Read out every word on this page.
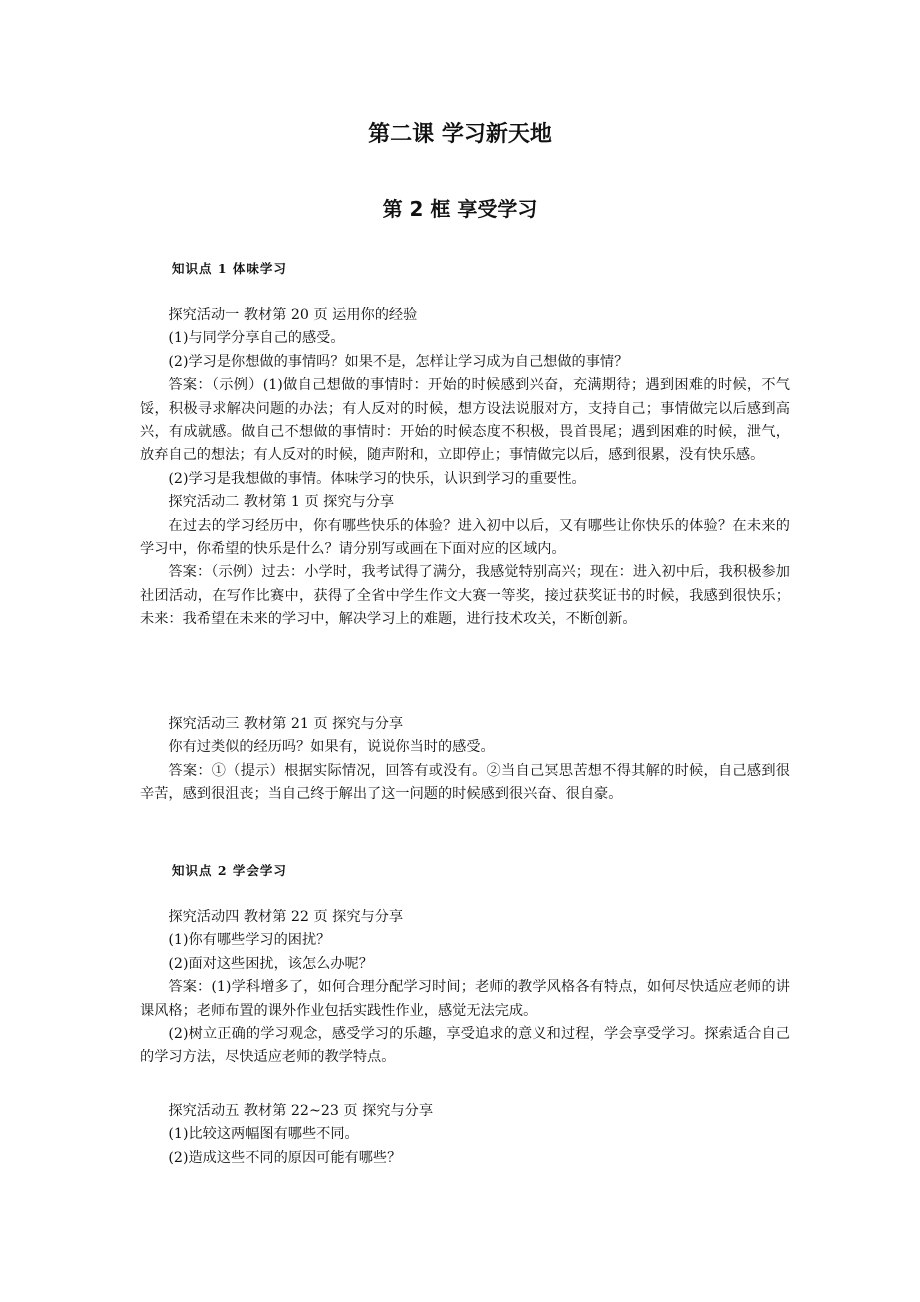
第二课 学习新天地
第 2 框 享受学习
知识点 1 体味学习

探究活动一 教材第 20 页 运用你的经验

(1)与同学分享自己的感受。

(2)学习是你想做的事情吗？如果不是，怎样让学习成为自己想做的事情？

答案：（示例）(1)做自己想做的事情时：开始的时候感到兴奋，充满期待；遇到困难的时候，不气馁，积极寻求解决问题的办法；有人反对的时候，想方设法说服对方，支持自己；事情做完以后感到高兴，有成就感。做自己不想做的事情时：开始的时候态度不积极，畏首畏尾；遇到困难的时候，泄气，放弃自己的想法；有人反对的时候，随声附和，立即停止；事情做完以后，感到很累，没有快乐感。

(2)学习是我想做的事情。体味学习的快乐，认识到学习的重要性。

探究活动二 教材第 1 页 探究与分享

在过去的学习经历中，你有哪些快乐的体验？进入初中以后，又有哪些让你快乐的体验？在未来的学习中，你希望的快乐是什么？请分别写或画在下面对应的区域内。

答案：（示例）过去：小学时，我考试得了满分，我感觉特别高兴；现在：进入初中后，我积极参加社团活动，在写作比赛中，获得了全省中学生作文大赛一等奖，接过获奖证书的时候，我感到很快乐；未来：我希望在未来的学习中，解决学习上的难题，进行技术攻关，不断创新。

探究活动三 教材第 21 页 探究与分享

你有过类似的经历吗？如果有，说说你当时的感受。

答案：①（提示）根据实际情况，回答有或没有。②当自己冥思苦想不得其解的时候，自己感到很辛苦，感到很沮丧；当自己终于解出了这一问题的时候感到很兴奋、很自豪。

知识点 2 学会学习

探究活动四 教材第 22 页 探究与分享

(1)你有哪些学习的困扰？

(2)面对这些困扰，该怎么办呢？

答案：(1)学科增多了，如何合理分配学习时间；老师的教学风格各有特点，如何尽快适应老师的讲课风格；老师布置的课外作业包括实践性作业，感觉无法完成。

(2)树立正确的学习观念，感受学习的乐趣，享受追求的意义和过程，学会享受学习。探索适合自己的学习方法，尽快适应老师的教学特点。

探究活动五 教材第 22~23 页 探究与分享

(1)比较这两幅图有哪些不同。

(2)造成这些不同的原因可能有哪些？
